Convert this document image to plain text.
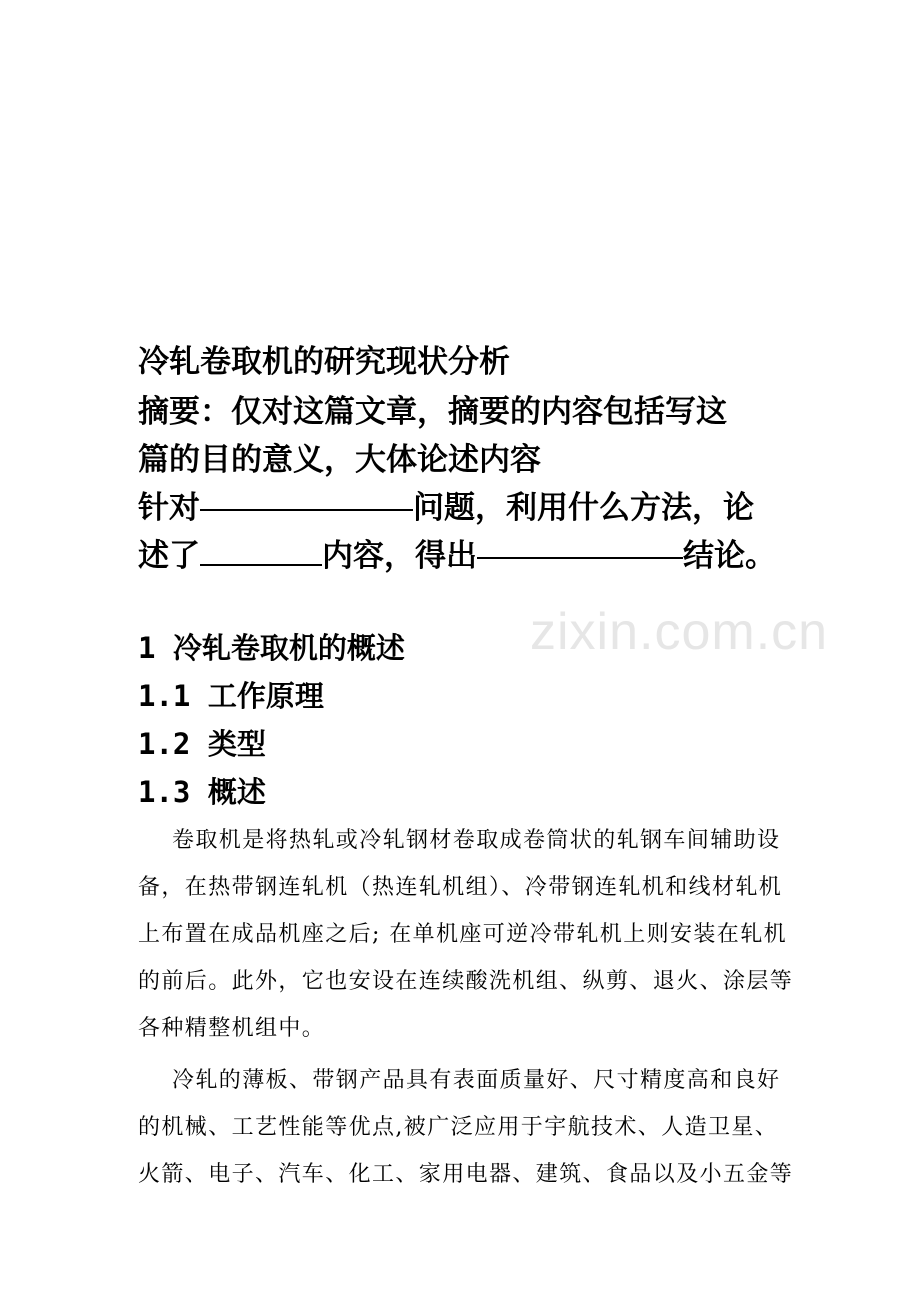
zixin.com.cn
冷轧卷取机的研究现状分析
摘要：仅对这篇文章，摘要的内容包括写这
篇的目的意义，大体论述内容
针对	问题，利用什么方法，论
述了	内容，得出	结论。
1 冷轧卷取机的概述
1.1 工作原理
1.2 类型
1.3 概述
卷取机是将热轧或冷轧钢材卷取成卷筒状的轧钢车间辅助设
备，在热带钢连轧机（热连轧机组）、冷带钢连轧机和线材轧机
上布置在成品机座之后; 在单机座可逆冷带轧机上则安装在轧机
的前后。此外，它也安设在连续酸洗机组、纵剪、退火、涂层等
各种精整机组中。
冷轧的薄板、带钢产品具有表面质量好、尺寸精度高和良好
的机械、工艺性能等优点,被广泛应用于宇航技术、人造卫星、
火箭、电子、汽车、化工、家用电器、建筑、食品以及小五金等
